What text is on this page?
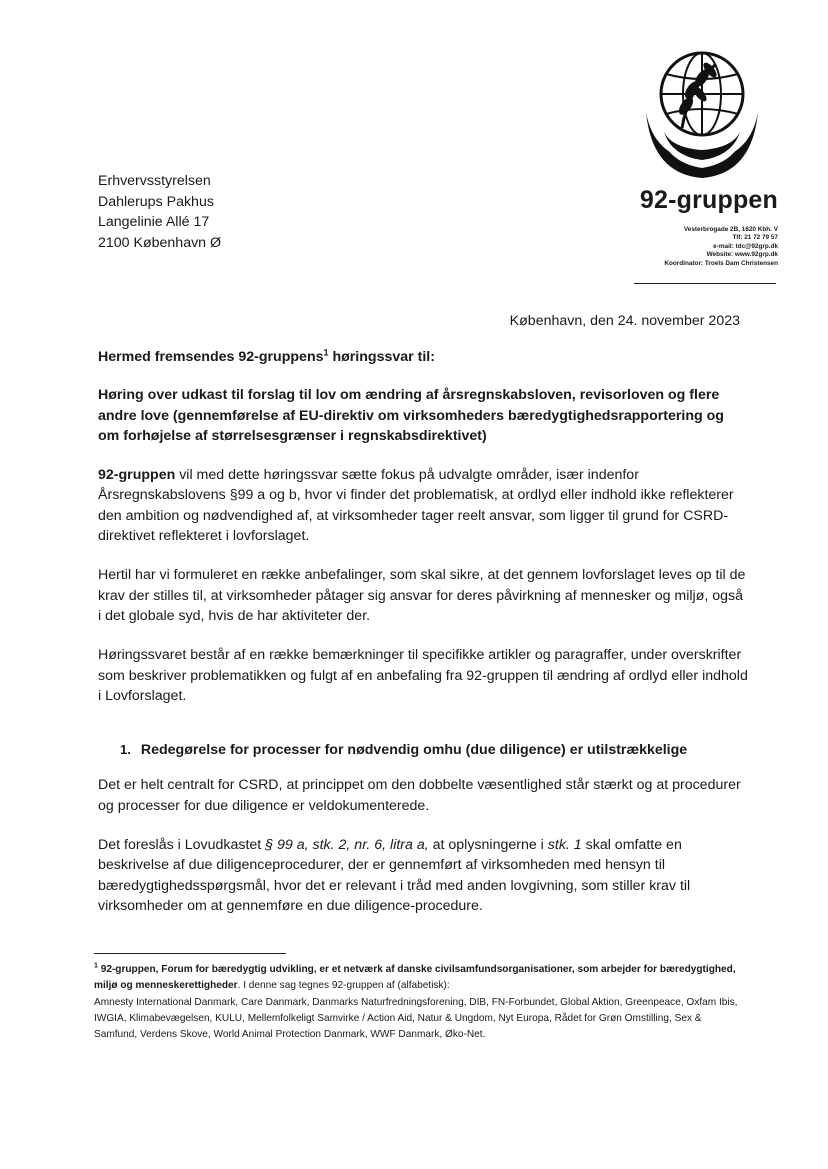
92-gruppen
Vesterbrogade 2B, 1620 Kbh. V
Tlf: 21 72 79 57
e-mail: tdc@92grp.dk
Website: www.92grp.dk
Koordinator: Troels Dam Christensen
Erhvervsstyrelsen
Dahlerups Pakhus
Langelinie Allé 17
2100 København Ø
København, den 24. november 2023

Hermed fremsendes 92-gruppens$^1$ høringssvar til:

Høring over udkast til forslag til lov om ændring af årsregnskabsloven, revisorloven og flere andre love (gennemførelse af EU-direktiv om virksomheders bæredygtighedsrapportering og om forhøjelse af størrelsesgrænser i regnskabsdirektivet)

92-gruppen vil med dette høringssvar sætte fokus på udvalgte områder, især indenfor Årsregnskabslovens §99 a og b, hvor vi finder det problematisk, at ordlyd eller indhold ikke reflekterer den ambition og nødvendighed af, at virksomheder tager reelt ansvar, som ligger til grund for CSRD-direktivet reflekteret i lovforslaget.

Hertil har vi formuleret en række anbefalinger, som skal sikre, at det gennem lovforslaget leves op til de krav der stilles til, at virksomheder påtager sig ansvar for deres påvirkning af mennesker og miljø, også i det globale syd, hvis de har aktiviteter der.

Høringssvaret består af en række bemærkninger til specifikke artikler og paragraffer, under overskrifter som beskriver problematikken og fulgt af en anbefaling fra 92-gruppen til ændring af ordlyd eller indhold i Lovforslaget.

1. Redegørelse for processer for nødvendig omhu (due diligence) er utilstrækkelige

Det er helt centralt for CSRD, at princippet om den dobbelte væsentlighed står stærkt og at procedurer og processer for due diligence er veldokumenterede.

Det foreslås i Lovudkastet § 99 a, stk. 2, nr. 6, litra a, at oplysningerne i stk. 1 skal omfatte en beskrivelse af due diligenceprocedurer, der er gennemført af virksomheden med hensyn til bæredygtighedsspørgsmål, hvor det er relevant i tråd med anden lovgivning, som stiller krav til virksomheder om at gennemføre en due diligence-procedure.

$^1$ 92-gruppen, Forum for bæredygtig udvikling, er et netværk af danske civilsamfundsorganisationer, som arbejder for bæredygtighed, miljø og menneskerettigheder. I denne sag tegnes 92-gruppen af (alfabetisk):

Amnesty International Danmark, Care Danmark, Danmarks Naturfredningsforening, DIB, FN-Forbundet, Global Aktion, Greenpeace, Oxfam Ibis, IWGIA, Klimabevægelsen, KULU, Mellemfolkeligt Samvirke / Action Aid, Natur & Ungdom, Nyt Europa, Rådet for Grøn Omstilling, Sex & Samfund, Verdens Skove, World Animal Protection Danmark, WWF Danmark, Øko-Net.
